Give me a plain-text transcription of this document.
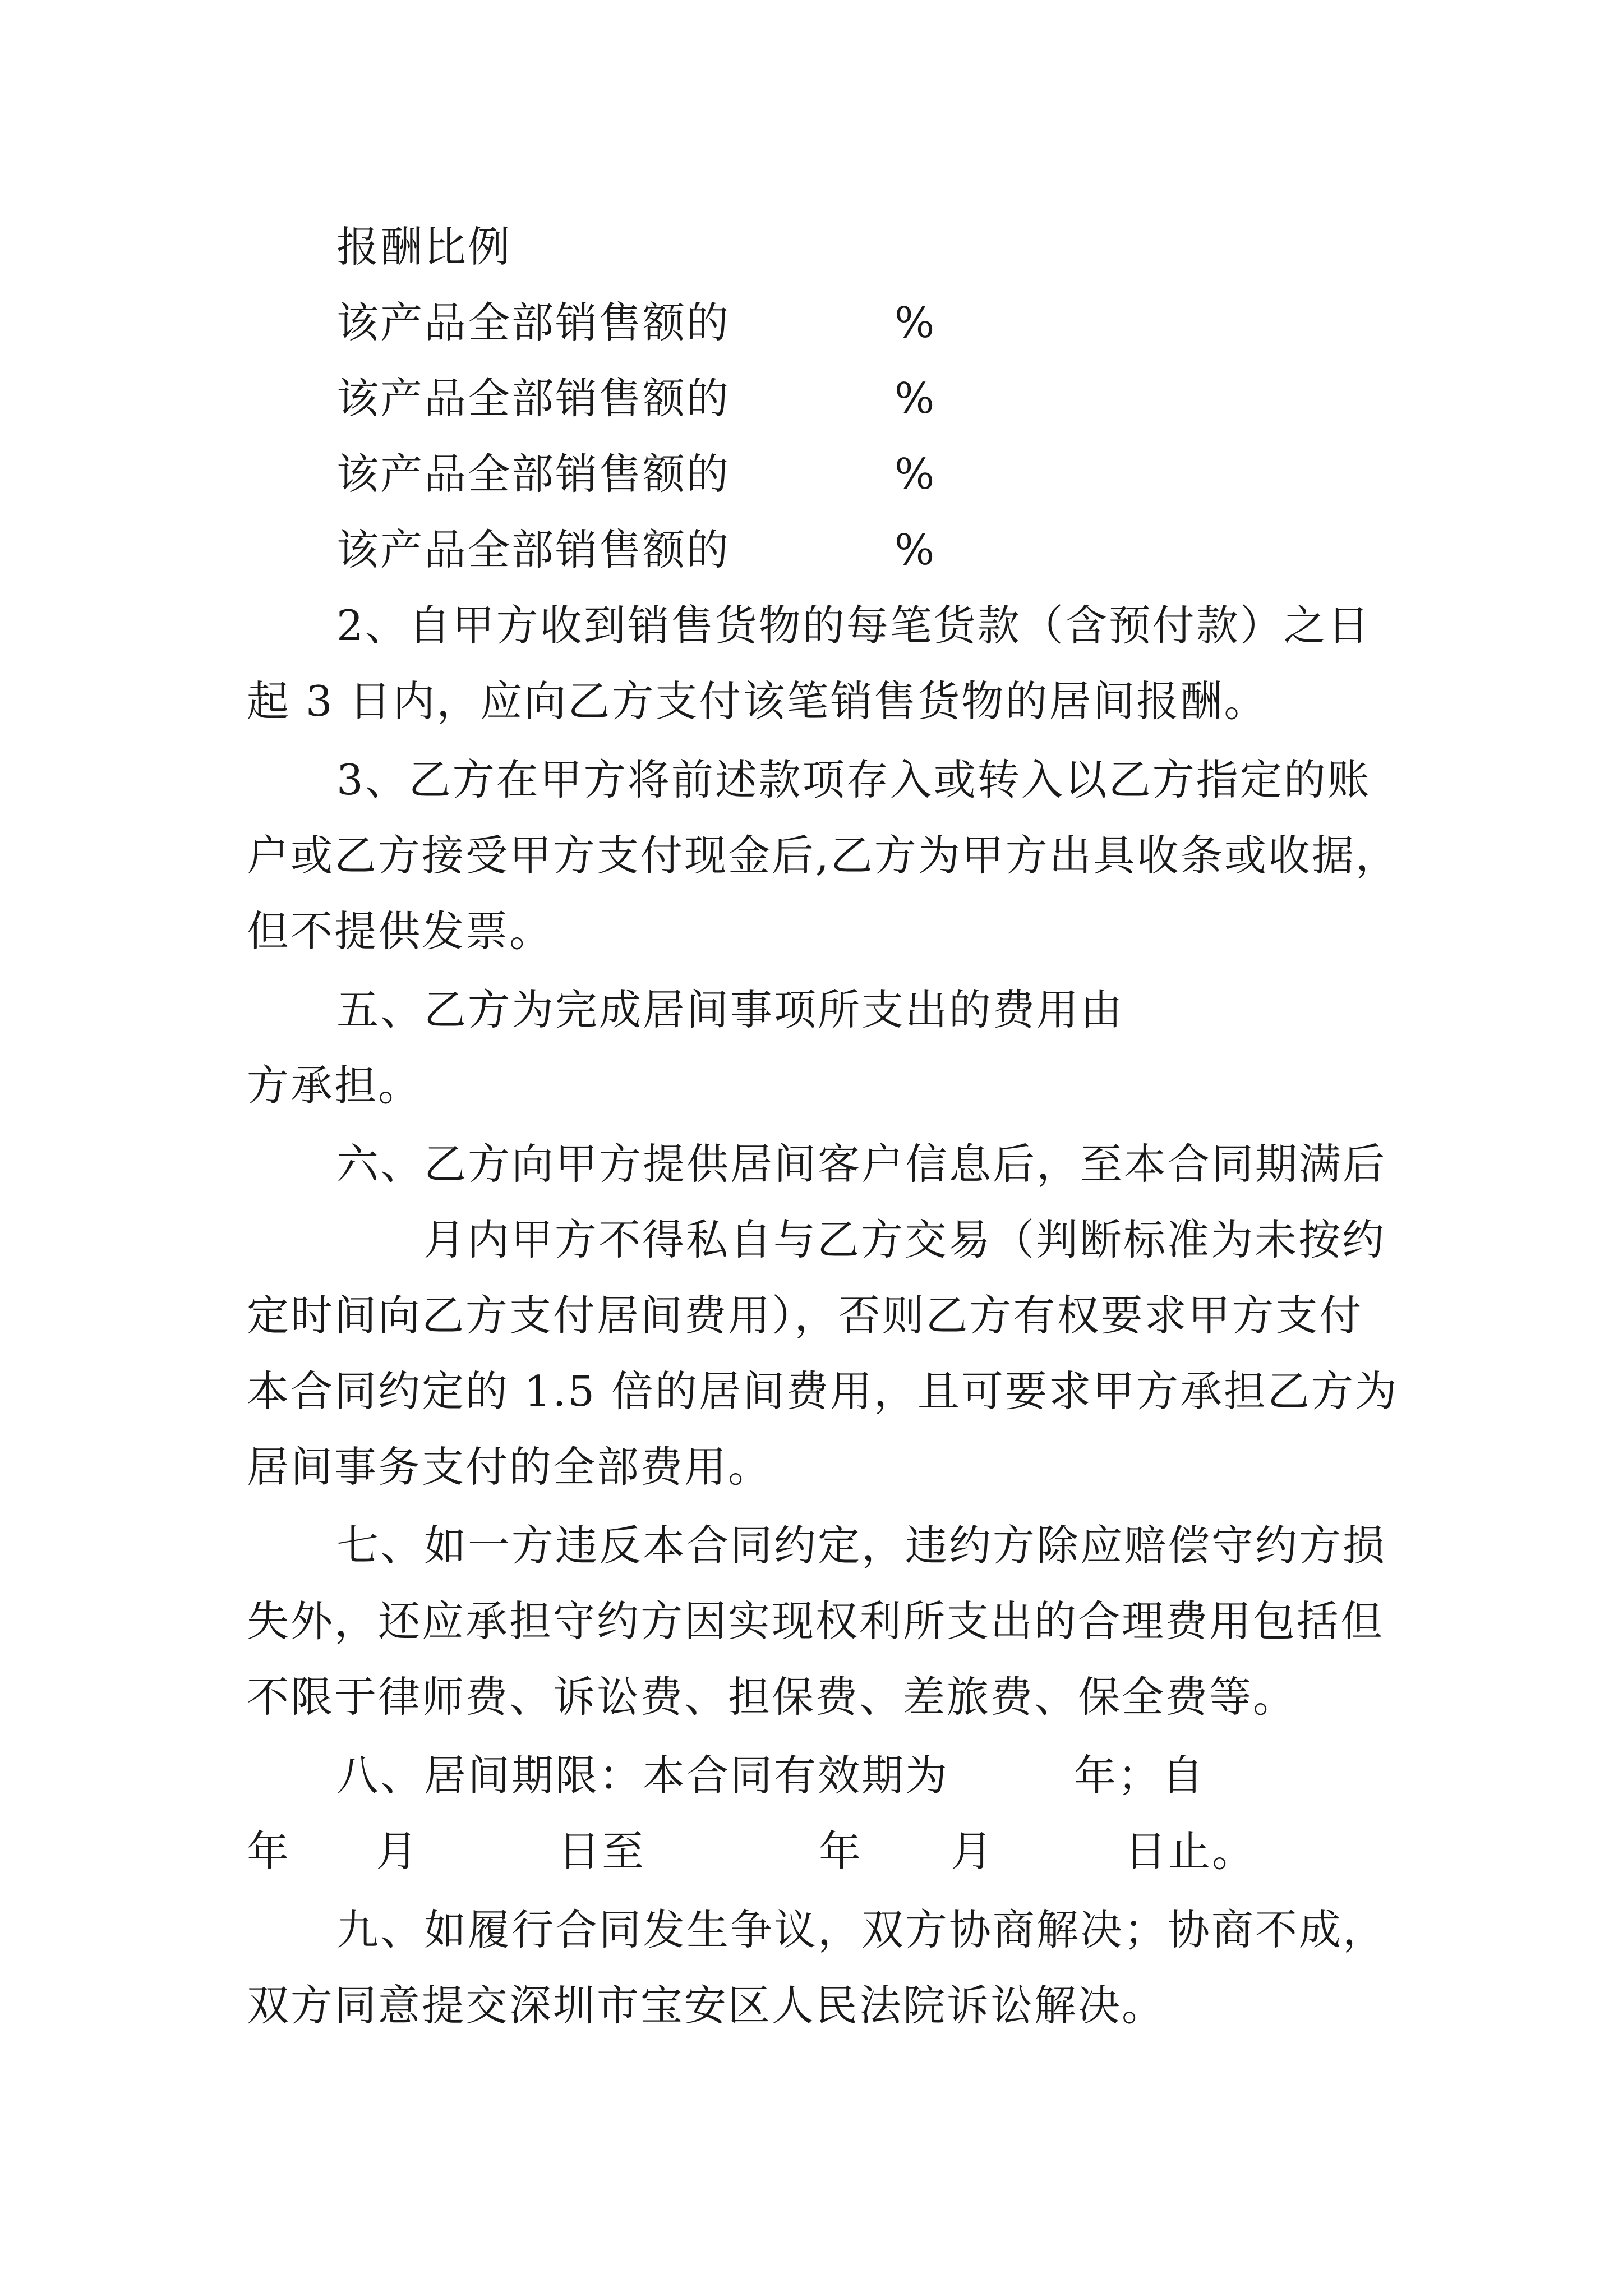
报酬比例

该产品全部销售额的	%

该产品全部销售额的	%

该产品全部销售额的	%

该产品全部销售额的	%

2、自甲方收到销售货物的每笔货款（含预付款）之日

起 3 日内，应向乙方支付该笔销售货物的居间报酬。

3、乙方在甲方将前述款项存入或转入以乙方指定的账

户或乙方接受甲方支付现金后,乙方为甲方出具收条或收据，

但不提供发票。

五、乙方为完成居间事项所支出的费用由

方承担。

六、乙方向甲方提供居间客户信息后，至本合同期满后

月内甲方不得私自与乙方交易（判断标准为未按约

定时间向乙方支付居间费用），否则乙方有权要求甲方支付

本合同约定的 1.5 倍的居间费用，且可要求甲方承担乙方为

居间事务支付的全部费用。

七、如一方违反本合同约定，违约方除应赔偿守约方损

失外，还应承担守约方因实现权利所支出的合理费用包括但

不限于律师费、诉讼费、担保费、差旅费、保全费等。

八、居间期限：本合同有效期为	年；自

年 月	日至	年 月	日止。

九、如履行合同发生争议，双方协商解决；协商不成，

双方同意提交深圳市宝安区人民法院诉讼解决。
